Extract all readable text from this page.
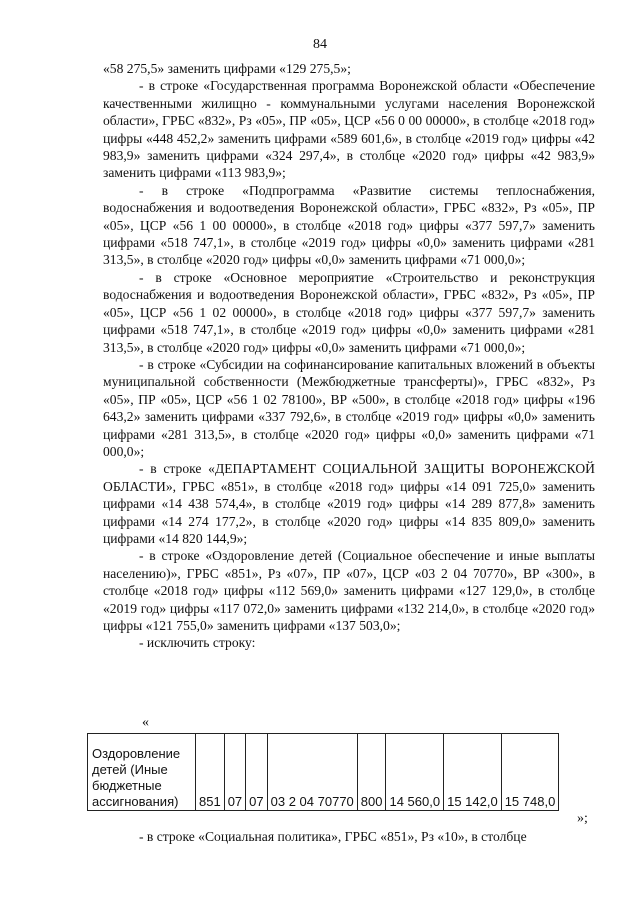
84

«58 275,5» заменить цифрами «129 275,5»;

- в строке «Государственная программа Воронежской области «Обеспечение качественными жилищно - коммунальными услугами населения Воронежской области», ГРБС «832», Рз «05», ПР «05», ЦСР «56 0 00 00000», в столбце «2018 год» цифры «448 452,2» заменить цифрами «589 601,6», в столбце «2019 год» цифры «42 983,9» заменить цифрами «324 297,4», в столбце «2020 год» цифры «42 983,9» заменить цифрами «113 983,9»;

- в строке «Подпрограмма «Развитие системы теплоснабжения, водоснабжения и водоотведения Воронежской области», ГРБС «832», Рз «05», ПР «05», ЦСР «56 1 00 00000», в столбце «2018 год» цифры «377 597,7» заменить цифрами «518 747,1», в столбце «2019 год» цифры «0,0» заменить цифрами «281 313,5», в столбце «2020 год» цифры «0,0» заменить цифрами «71 000,0»;

- в строке «Основное мероприятие «Строительство и реконструкция водоснабжения и водоотведения Воронежской области», ГРБС «832», Рз «05», ПР «05», ЦСР «56 1 02 00000», в столбце «2018 год» цифры «377 597,7» заменить цифрами «518 747,1», в столбце «2019 год» цифры «0,0» заменить цифрами «281 313,5», в столбце «2020 год» цифры «0,0» заменить цифрами «71 000,0»;

- в строке «Субсидии на софинансирование капитальных вложений в объекты муниципальной собственности (Межбюджетные трансферты)», ГРБС «832», Рз «05», ПР «05», ЦСР «56 1 02 78100», ВР «500», в столбце «2018 год» цифры «196 643,2» заменить цифрами «337 792,6», в столбце «2019 год» цифры «0,0» заменить цифрами «281 313,5», в столбце «2020 год» цифры «0,0» заменить цифрами «71 000,0»;

- в строке «ДЕПАРТАМЕНТ СОЦИАЛЬНОЙ ЗАЩИТЫ ВОРОНЕЖСКОЙ ОБЛАСТИ», ГРБС «851», в столбце «2018 год» цифры «14 091 725,0» заменить цифрами «14 438 574,4», в столбце «2019 год» цифры «14 289 877,8» заменить цифрами «14 274 177,2», в столбце «2020 год» цифры «14 835 809,0» заменить цифрами «14 820 144,9»;

- в строке «Оздоровление детей (Социальное обеспечение и иные выплаты населению)», ГРБС «851», Рз «07», ПР «07», ЦСР «03 2 04 70770», ВР «300», в столбце «2018 год» цифры «112 569,0» заменить цифрами «127 129,0», в столбце «2019 год» цифры «117 072,0» заменить цифрами «132 214,0», в столбце «2020 год» цифры «121 755,0» заменить цифрами «137 503,0»;

- исключить строку:

«
Оздоровление детей (Иные бюджетные ассигнования)	851	07	07	03 2 04 70770	800	14 560,0	15 142,0	15 748,0
»;

- в строке «Социальная политика», ГРБС «851», Рз «10», в столбце
